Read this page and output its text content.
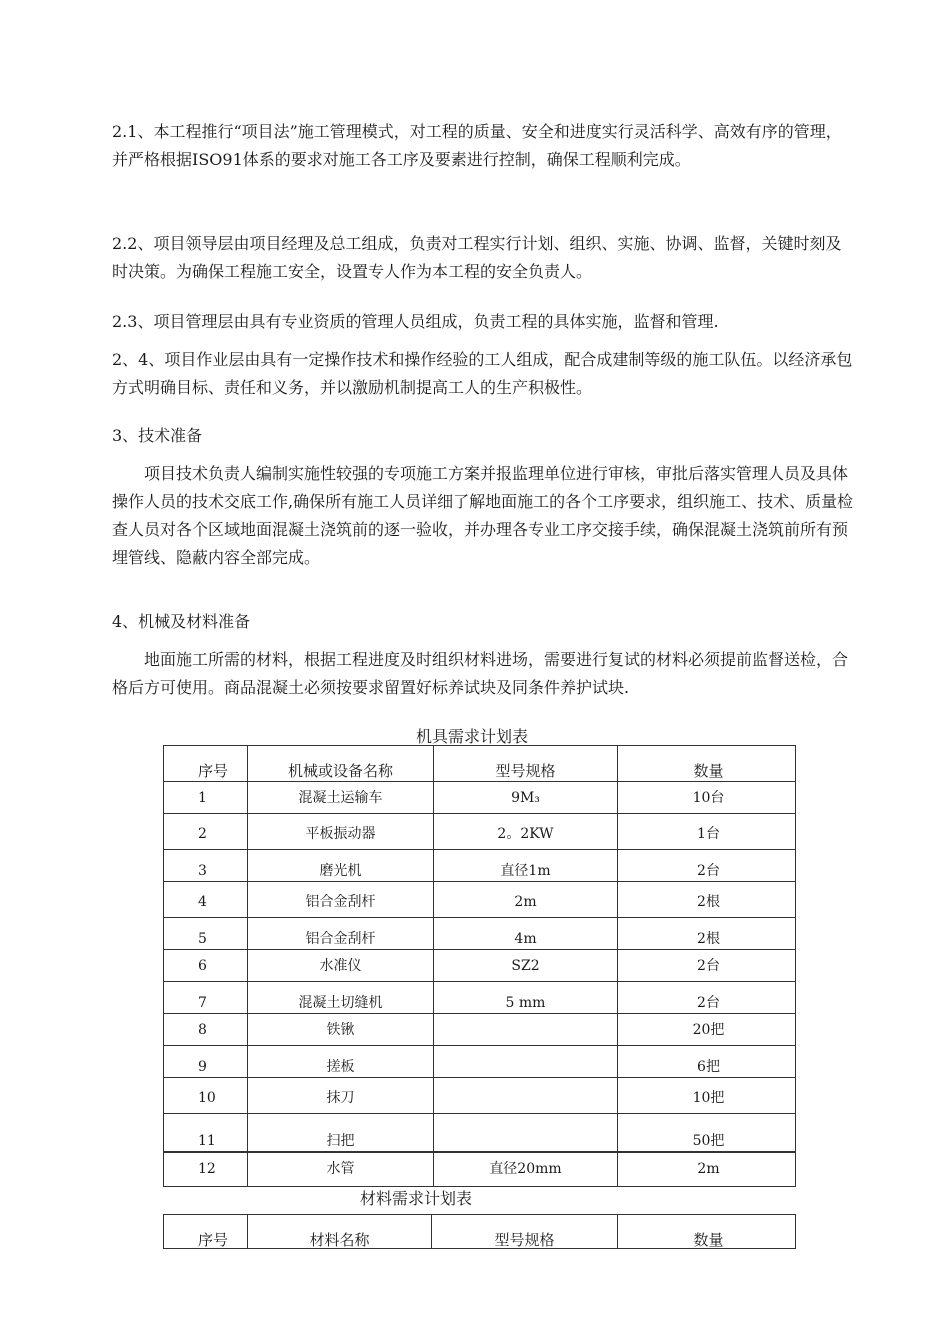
2.1、本工程推行“项目法”施工管理模式，对工程的质量、安全和进度实行灵活科学、高效有序的管理，并严格根据ISO91体系的要求对施工各工序及要素进行控制，确保工程顺利完成。

2.2、项目领导层由项目经理及总工组成，负责对工程实行计划、组织、实施、协调、监督，关键时刻及时决策。为确保工程施工安全，设置专人作为本工程的安全负责人。

2.3、项目管理层由具有专业资质的管理人员组成，负责工程的具体实施，监督和管理.

2、4、项目作业层由具有一定操作技术和操作经验的工人组成，配合成建制等级的施工队伍。以经济承包方式明确目标、责任和义务，并以激励机制提高工人的生产积极性。

3、技术准备

项目技术负责人编制实施性较强的专项施工方案并报监理单位进行审核，审批后落实管理人员及具体操作人员的技术交底工作,确保所有施工人员详细了解地面施工的各个工序要求，组织施工、技术、质量检查人员对各个区域地面混凝土浇筑前的逐一验收，并办理各专业工序交接手续，确保混凝土浇筑前所有预埋管线、隐蔽内容全部完成。

4、机械及材料准备

地面施工所需的材料，根据工程进度及时组织材料进场，需要进行复试的材料必须提前监督送检，合格后方可使用。商品混凝土必须按要求留置好标养试块及同条件养护试块.

机具需求计划表
序号	机械或设备名称	型号规格	数量

1	混凝土运输车	9M₃	10台

2	平板振动器	2。2KW	1台

3	磨光机	直径1m	2台

4	铝合金刮杆	2m	2根

5	铝合金刮杆	4m	2根

6	水准仪	SZ2	2台

7	混凝土切缝机	5 mm	2台

8	铁锹		20把

9	搓板		6把

10	抹刀		10把

11	扫把		50把
12	水管	直径20mm	2m
材料需求计划表
序号	材料名称	型号规格	数量
